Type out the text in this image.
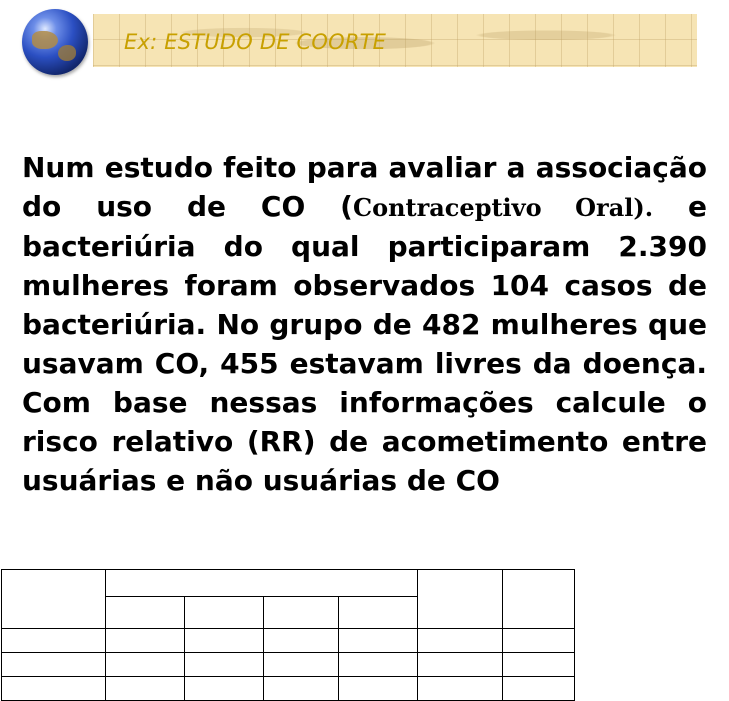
Ex: ESTUDO DE COORTE
Num estudo feito para avaliar a associação do uso de CO (Contraceptivo Oral). e bacteriúria do qual participaram 2.390 mulheres foram observados 104 casos de bacteriúria. No grupo de 482 mulheres que usavam CO, 455 estavam livres da doença. Com base nessas informações calcule o risco relativo (RR) de acometimento entre usuárias e não usuárias de CO
